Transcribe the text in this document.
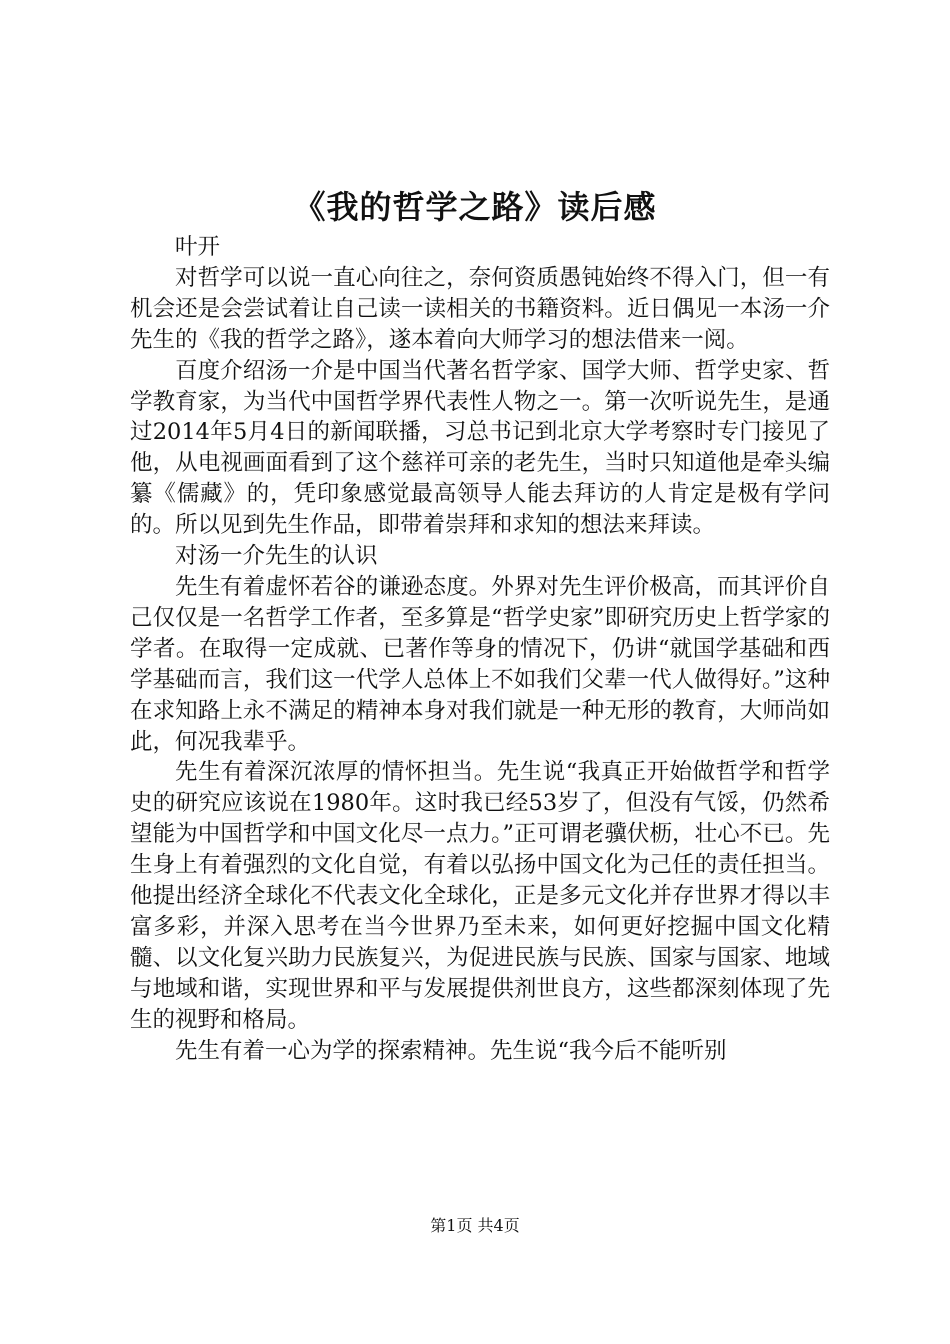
《我的哲学之路》读后感

叶开

对哲学可以说一直心向往之，奈何资质愚钝始终不得入门，但一有机会还是会尝试着让自己读一读相关的书籍资料。近日偶见一本汤一介先生的《我的哲学之路》，遂本着向大师学习的想法借来一阅。

百度介绍汤一介是中国当代著名哲学家、国学大师、哲学史家、哲学教育家，为当代中国哲学界代表性人物之一。第一次听说先生，是通过2014年5月4日的新闻联播，习总书记到北京大学考察时专门接见了他，从电视画面看到了这个慈祥可亲的老先生，当时只知道他是牵头编纂《儒藏》的，凭印象感觉最高领导人能去拜访的人肯定是极有学问的。所以见到先生作品，即带着崇拜和求知的想法来拜读。

对汤一介先生的认识

先生有着虚怀若谷的谦逊态度。外界对先生评价极高，而其评价自己仅仅是一名哲学工作者，至多算是“哲学史家”即研究历史上哲学家的学者。在取得一定成就、已著作等身的情况下，仍讲“就国学基础和西学基础而言，我们这一代学人总体上不如我们父辈一代人做得好。”这种在求知路上永不满足的精神本身对我们就是一种无形的教育，大师尚如此，何况我辈乎。

先生有着深沉浓厚的情怀担当。先生说“我真正开始做哲学和哲学史的研究应该说在1980年。这时我已经53岁了，但没有气馁，仍然希望能为中国哲学和中国文化尽一点力。”正可谓老骥伏枥，壮心不已。先生身上有着强烈的文化自觉，有着以弘扬中国文化为己任的责任担当。他提出经济全球化不代表文化全球化，正是多元文化并存世界才得以丰富多彩，并深入思考在当今世界乃至未来，如何更好挖掘中国文化精髓、以文化复兴助力民族复兴，为促进民族与民族、国家与国家、地域与地域和谐，实现世界和平与发展提供剂世良方，这些都深刻体现了先生的视野和格局。

先生有着一心为学的探索精神。先生说“我今后不能听别

第1页 共4页
